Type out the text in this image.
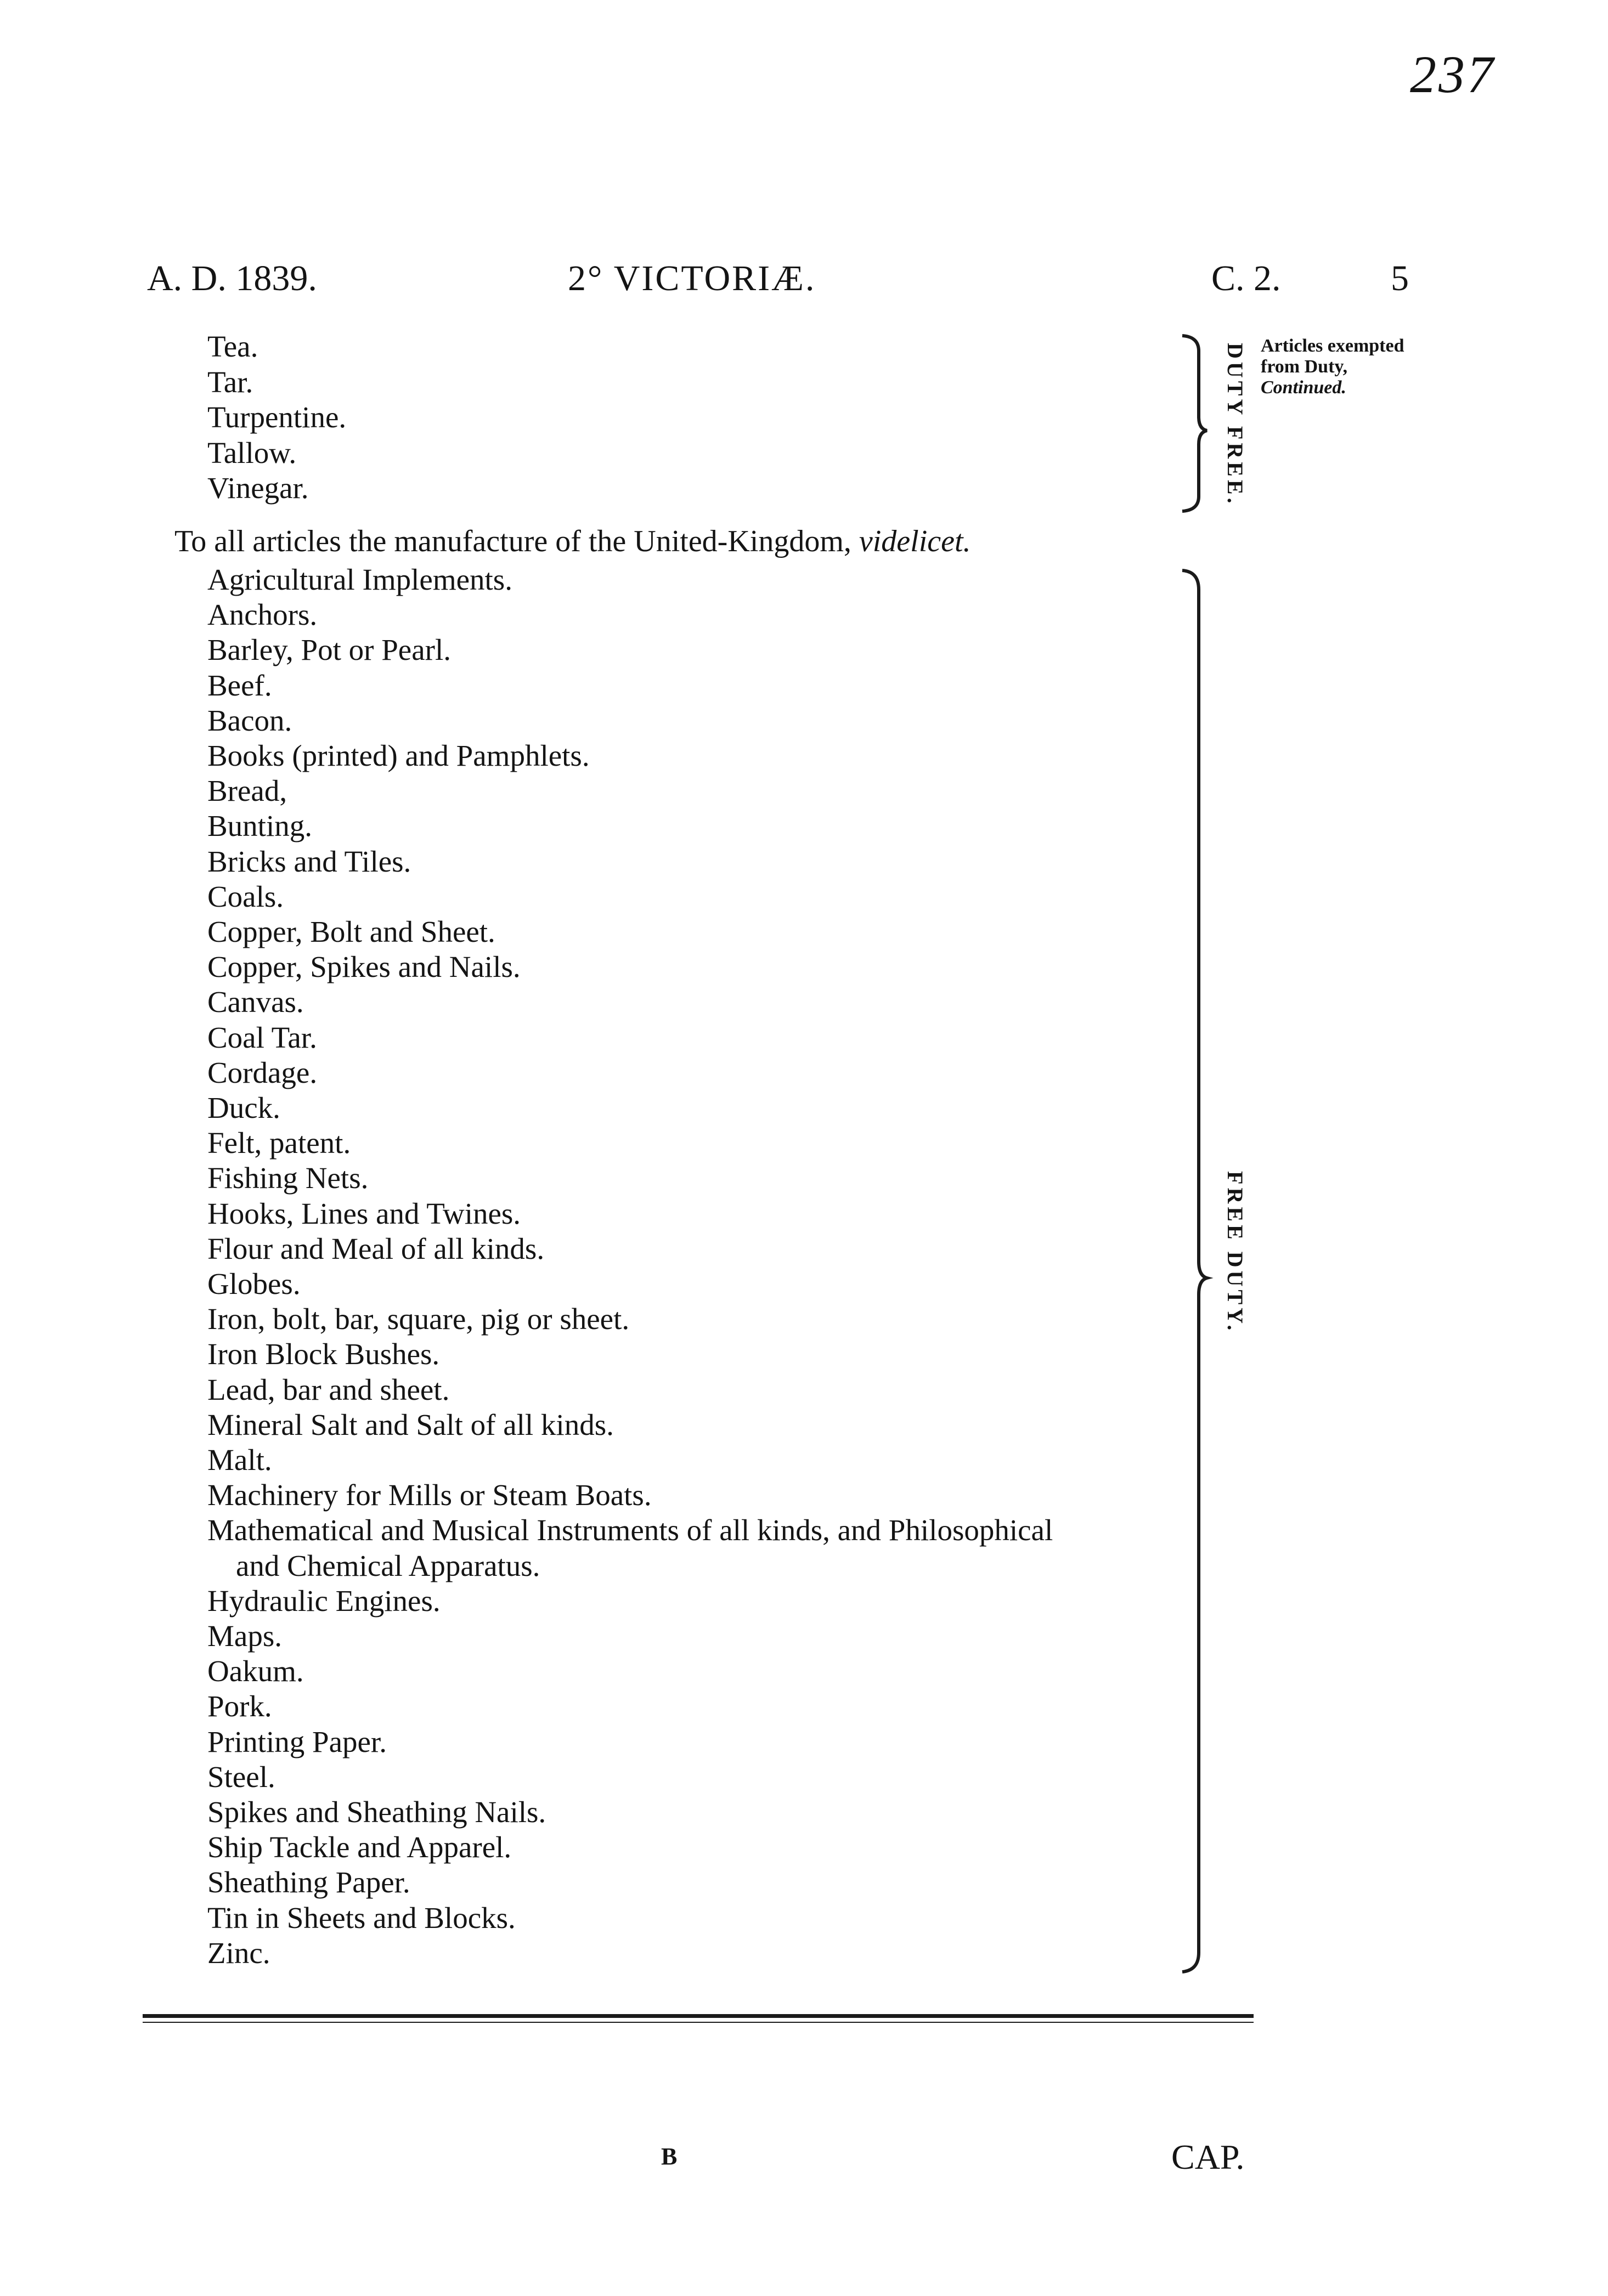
237
A. D. 1839.	2° VICTORIÆ.	C. 2.	5
Articles exempted
from Duty,
Continued.
Tea.
Tar.
Turpentine.
Tallow.
Vinegar.
To all articles the manufacture of the United-Kingdom, videlicet.
Agricultural Implements.
Anchors.
Barley, Pot or Pearl.
Beef.
Bacon.
Books (printed) and Pamphlets.
Bread,
Bunting.
Bricks and Tiles.
Coals.
Copper, Bolt and Sheet.
Copper, Spikes and Nails.
Canvas.
Coal Tar.
Cordage.
Duck.
Felt, patent.
Fishing Nets.
Hooks, Lines and Twines.
Flour and Meal of all kinds.
Globes.
Iron, bolt, bar, square, pig or sheet.
Iron Block Bushes.
Lead, bar and sheet.
Mineral Salt and Salt of all kinds.
Malt.
Machinery for Mills or Steam Boats.
Mathematical and Musical Instruments of all kinds, and Philosophical
and Chemical Apparatus.
Hydraulic Engines.
Maps.
Oakum.
Pork.
Printing Paper.
Steel.
Spikes and Sheathing Nails.
Ship Tackle and Apparel.
Sheathing Paper.
Tin in Sheets and Blocks.
Zinc.
DUTY FREE.
FREE DUTY.
B	CAP.
